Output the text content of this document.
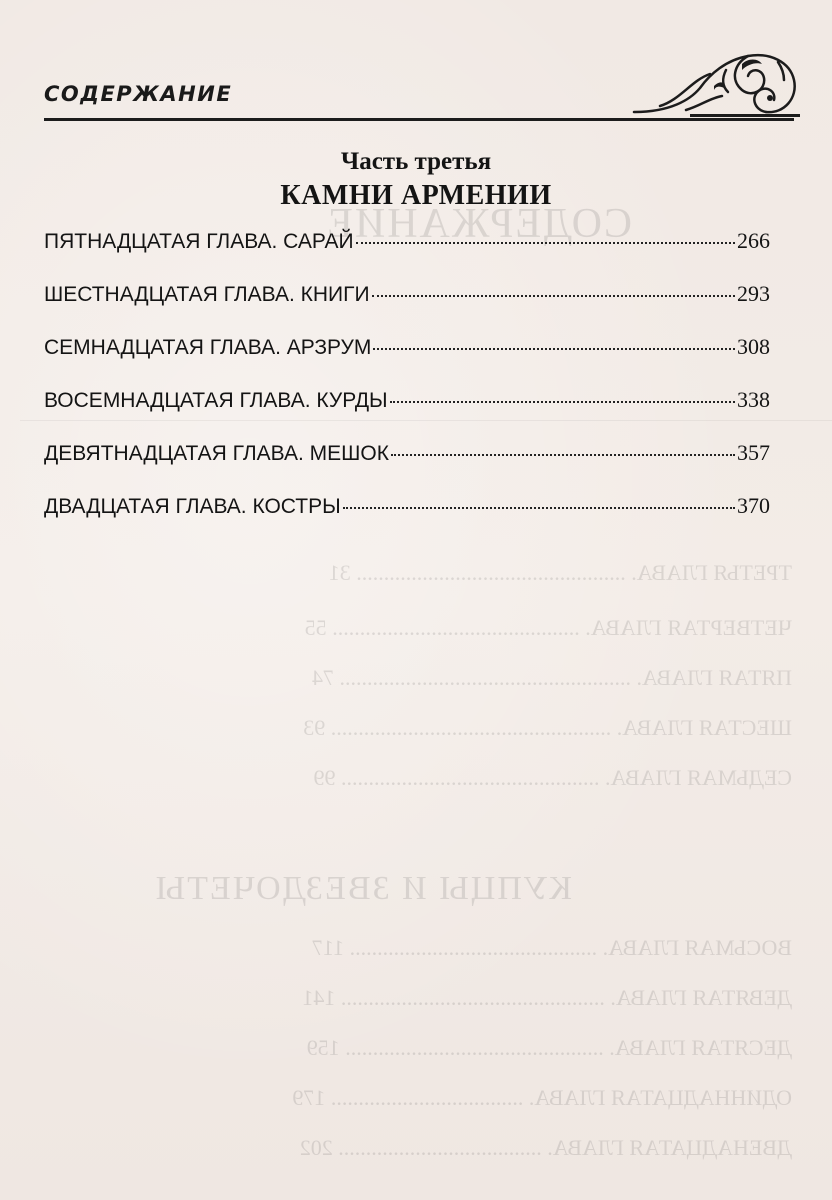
СОДЕРЖАНИЕ
ТРЕТЬЯ ГЛАВА. ................................................. 31
ЧЕТВЕРТАЯ ГЛАВА. ............................................. 55
ПЯТАЯ ГЛАВА. ..................................................... 74
ШЕСТАЯ ГЛАВА. ................................................... 93
СЕДЬМАЯ ГЛАВА. ............................................... 99
КУПЦЫ И ЗВЕЗДОЧЕТЫ
ВОСЬМАЯ ГЛАВА. ............................................. 117
ДЕВЯТАЯ ГЛАВА. ................................................ 141
ДЕСЯТАЯ ГЛАВА. ............................................... 159
ОДИННАДЦАТАЯ ГЛАВА. ................................... 179
ДВЕНАДЦАТАЯ ГЛАВА. ..................................... 202
СОДЕРЖАНИЕ
Часть третья
КАМНИ АРМЕНИИ
ПЯТНАДЦАТАЯ ГЛАВА. САРАЙ	266
ШЕСТНАДЦАТАЯ ГЛАВА. КНИГИ	293
СЕМНАДЦАТАЯ ГЛАВА. АРЗРУМ	308
ВОСЕМНАДЦАТАЯ ГЛАВА. КУРДЫ	338
ДЕВЯТНАДЦАТАЯ ГЛАВА. МЕШОК	357
ДВАДЦАТАЯ ГЛАВА. КОСТРЫ	370
